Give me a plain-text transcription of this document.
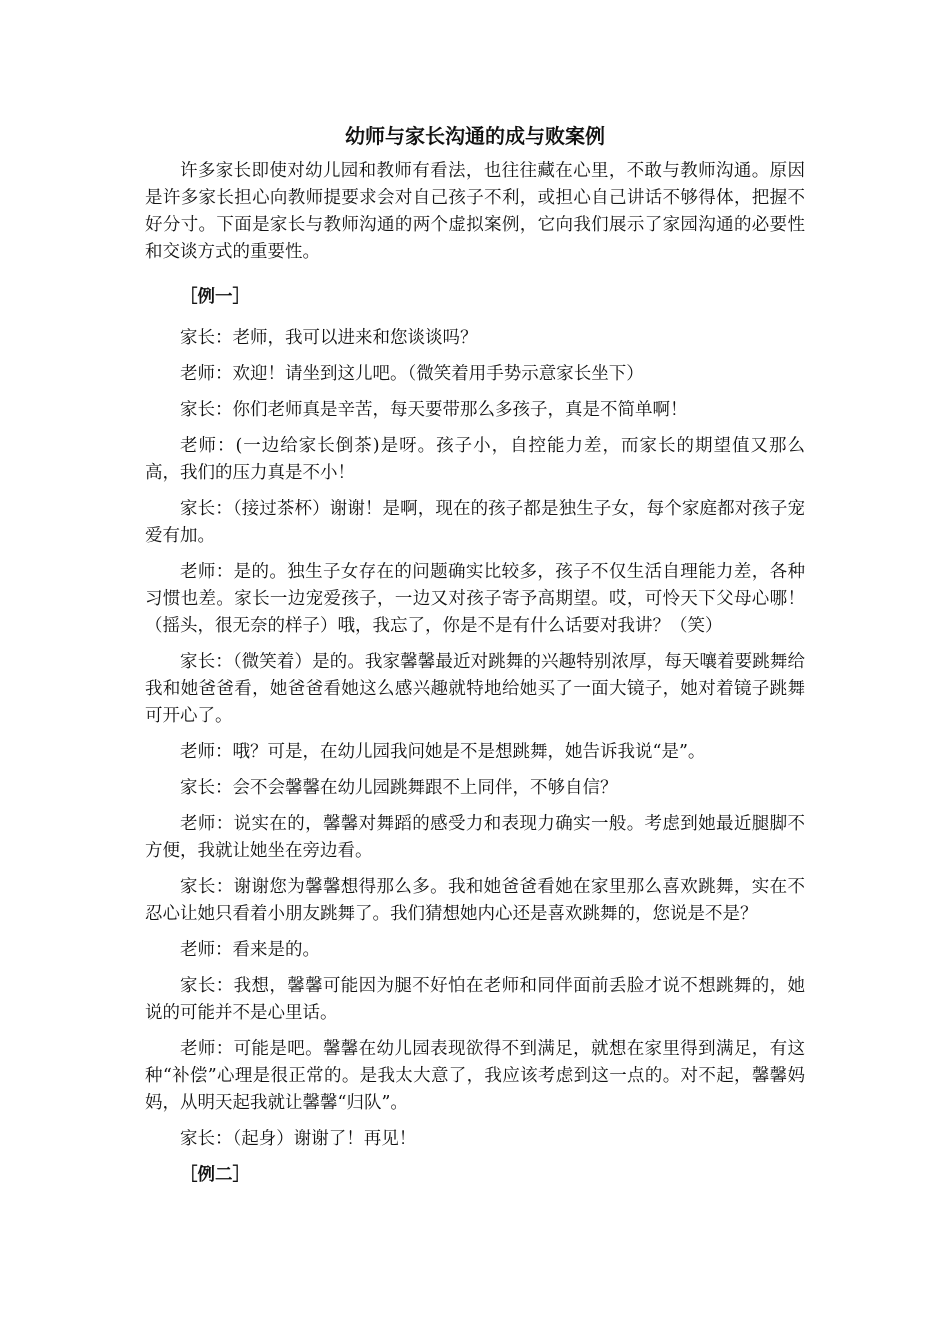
幼师与家长沟通的成与败案例

许多家长即使对幼儿园和教师有看法，也往往藏在心里，不敢与教师沟通。原因是许多家长担心向教师提要求会对自己孩子不利，或担心自己讲话不够得体，把握不好分寸。下面是家长与教师沟通的两个虚拟案例，它向我们展示了家园沟通的必要性和交谈方式的重要性。

［例一］

家长：老师，我可以进来和您谈谈吗？

老师：欢迎！请坐到这儿吧。（微笑着用手势示意家长坐下）

家长：你们老师真是辛苦，每天要带那么多孩子，真是不简单啊！

老师：(一边给家长倒茶)是呀。孩子小，自控能力差，而家长的期望值又那么高，我们的压力真是不小！

家长：（接过茶杯）谢谢！是啊，现在的孩子都是独生子女，每个家庭都对孩子宠爱有加。

老师：是的。独生子女存在的问题确实比较多，孩子不仅生活自理能力差，各种习惯也差。家长一边宠爱孩子，一边又对孩子寄予高期望。哎，可怜天下父母心哪！（摇头，很无奈的样子）哦，我忘了，你是不是有什么话要对我讲？（笑）

家长：（微笑着）是的。我家馨馨最近对跳舞的兴趣特别浓厚，每天嚷着要跳舞给我和她爸爸看，她爸爸看她这么感兴趣就特地给她买了一面大镜子，她对着镜子跳舞可开心了。

老师：哦？可是，在幼儿园我问她是不是想跳舞，她告诉我说“是”。

家长：会不会馨馨在幼儿园跳舞跟不上同伴，不够自信？

老师：说实在的，馨馨对舞蹈的感受力和表现力确实一般。考虑到她最近腿脚不方便，我就让她坐在旁边看。

家长：谢谢您为馨馨想得那么多。我和她爸爸看她在家里那么喜欢跳舞，实在不忍心让她只看着小朋友跳舞了。我们猜想她内心还是喜欢跳舞的，您说是不是？

老师：看来是的。

家长：我想，馨馨可能因为腿不好怕在老师和同伴面前丢脸才说不想跳舞的，她说的可能并不是心里话。

老师：可能是吧。馨馨在幼儿园表现欲得不到满足，就想在家里得到满足，有这种“补偿”心理是很正常的。是我太大意了，我应该考虑到这一点的。对不起，馨馨妈妈，从明天起我就让馨馨“归队”。

家长：（起身）谢谢了！再见！

［例二］
